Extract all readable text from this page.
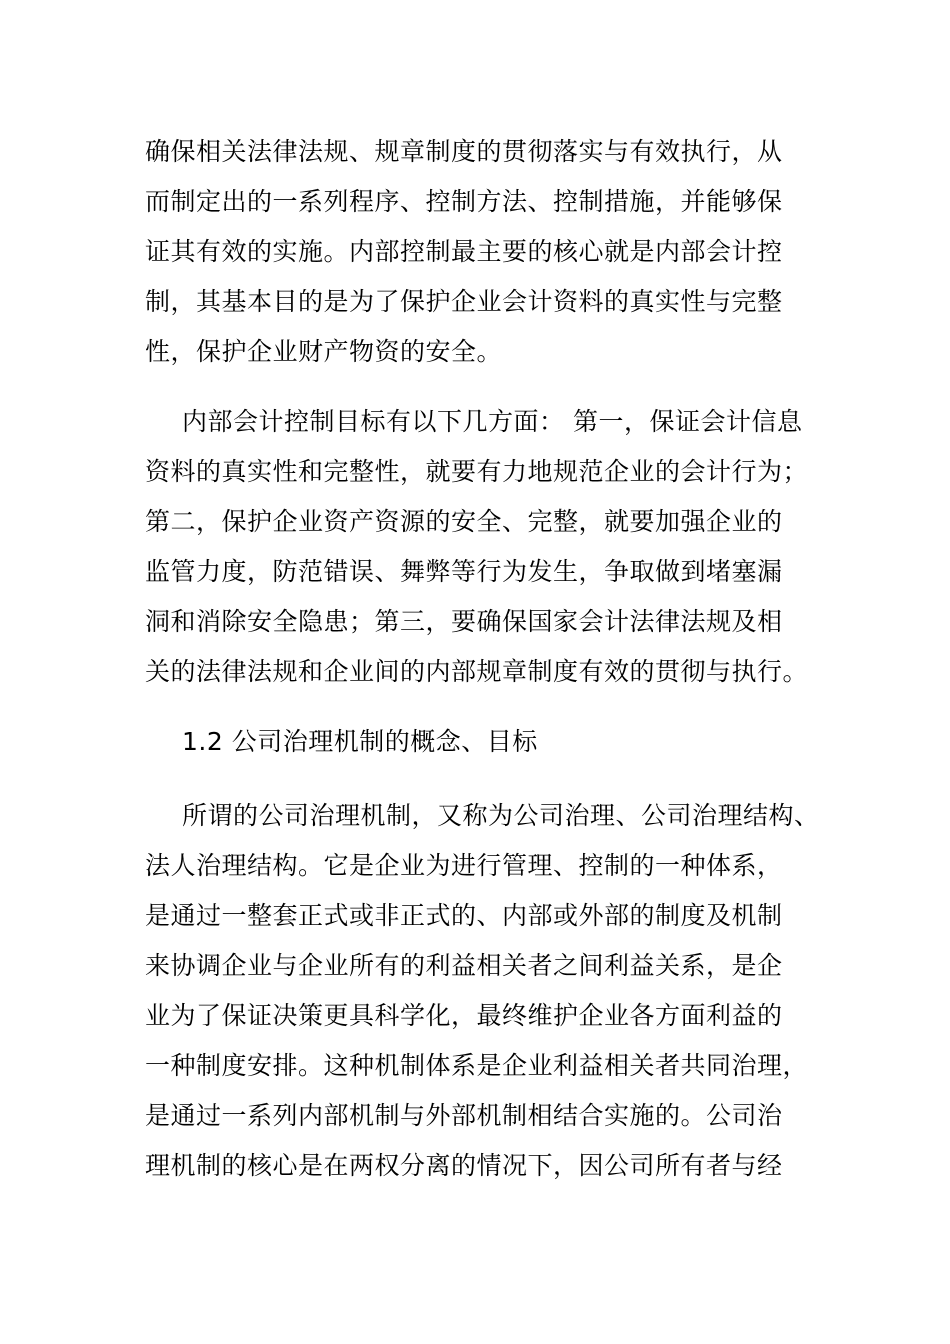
确保相关法律法规、规章制度的贯彻落实与有效执行，从
而制定出的一系列程序、控制方法、控制措施，并能够保
证其有效的实施。内部控制最主要的核心就是内部会计控
制，其基本目的是为了保护企业会计资料的真实性与完整
性，保护企业财产物资的安全。
内部会计控制目标有以下几方面： 第一，保证会计信息
资料的真实性和完整性，就要有力地规范企业的会计行为；
第二，保护企业资产资源的安全、完整，就要加强企业的
监管力度，防范错误、舞弊等行为发生，争取做到堵塞漏
洞和消除安全隐患；第三，要确保国家会计法律法规及相
关的法律法规和企业间的内部规章制度有效的贯彻与执行。
1.2 公司治理机制的概念、目标
所谓的公司治理机制，又称为公司治理、公司治理结构、
法人治理结构。它是企业为进行管理、控制的一种体系，
是通过一整套正式或非正式的、内部或外部的制度及机制
来协调企业与企业所有的利益相关者之间利益关系，是企
业为了保证决策更具科学化，最终维护企业各方面利益的
一种制度安排。这种机制体系是企业利益相关者共同治理，
是通过一系列内部机制与外部机制相结合实施的。公司治
理机制的核心是在两权分离的情况下，因公司所有者与经
